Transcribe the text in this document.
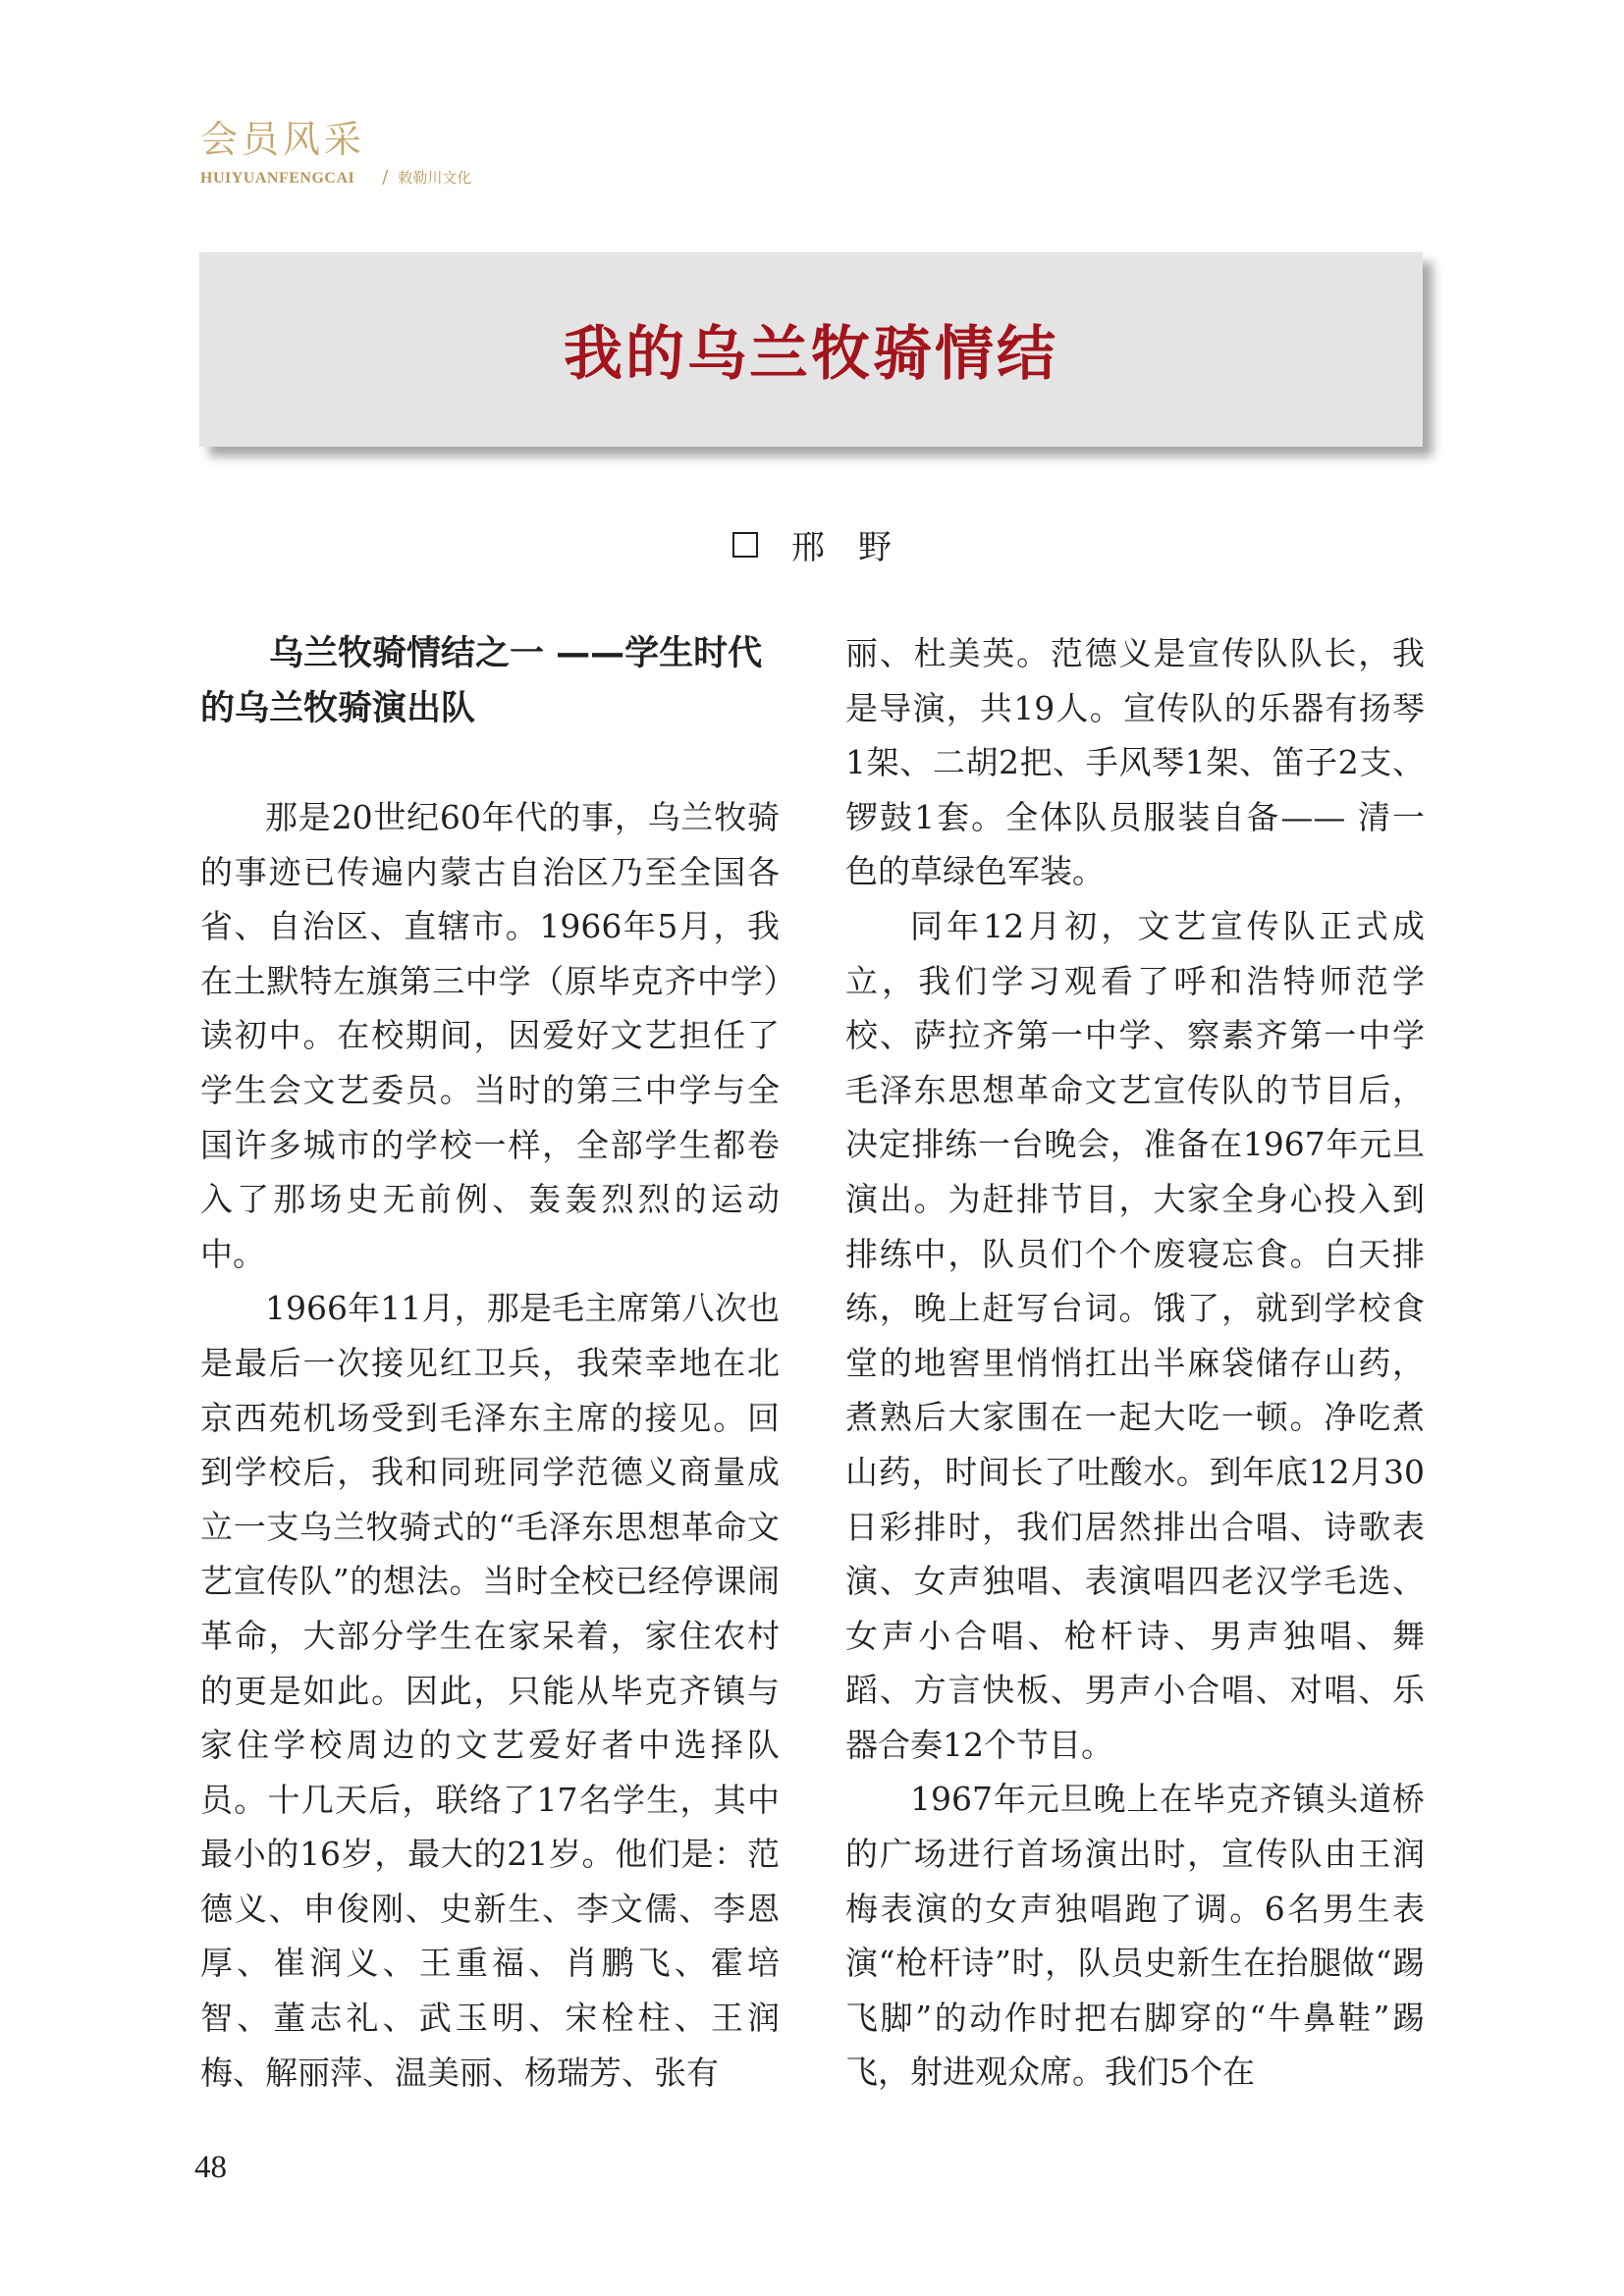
会员风采
HUIYUANFENGCAI / 敕勒川文化
我的乌兰牧骑情结
邢野
乌兰牧骑情结之一 ——学生时代的乌兰牧骑演出队

那是20世纪60年代的事，乌兰牧骑的事迹已传遍内蒙古自治区乃至全国各省、自治区、直辖市。1966年5月，我在土默特左旗第三中学（原毕克齐中学）读初中。在校期间，因爱好文艺担任了学生会文艺委员。当时的第三中学与全国许多城市的学校一样，全部学生都卷入了那场史无前例、轰轰烈烈的运动中。

1966年11月，那是毛主席第八次也是最后一次接见红卫兵，我荣幸地在北京西苑机场受到毛泽东主席的接见。回到学校后，我和同班同学范德义商量成立一支乌兰牧骑式的“毛泽东思想革命文艺宣传队”的想法。当时全校已经停课闹革命，大部分学生在家呆着，家住农村的更是如此。因此，只能从毕克齐镇与家住学校周边的文艺爱好者中选择队员。十几天后，联络了17名学生，其中最小的16岁，最大的21岁。他们是：范德义、申俊刚、史新生、李文儒、李恩厚、崔润义、王重福、肖鹏飞、霍培智、董志礼、武玉明、宋栓柱、王润梅、解丽萍、温美丽、杨瑞芳、张有

丽、杜美英。范德义是宣传队队长，我是导演，共19人。宣传队的乐器有扬琴1架、二胡2把、手风琴1架、笛子2支、锣鼓1套。全体队员服装自备—— 清一色的草绿色军装。

同年12月初，文艺宣传队正式成立，我们学习观看了呼和浩特师范学校、萨拉齐第一中学、察素齐第一中学毛泽东思想革命文艺宣传队的节目后，决定排练一台晚会，准备在1967年元旦演出。为赶排节目，大家全身心投入到排练中，队员们个个废寝忘食。白天排练，晚上赶写台词。饿了，就到学校食堂的地窖里悄悄扛出半麻袋储存山药，煮熟后大家围在一起大吃一顿。净吃煮山药，时间长了吐酸水。到年底12月30日彩排时，我们居然排出合唱、诗歌表演、女声独唱、表演唱四老汉学毛选、女声小合唱、枪杆诗、男声独唱、舞蹈、方言快板、男声小合唱、对唱、乐器合奏12个节目。

1967年元旦晚上在毕克齐镇头道桥的广场进行首场演出时，宣传队由王润梅表演的女声独唱跑了调。6名男生表演“枪杆诗”时，队员史新生在抬腿做“踢飞脚”的动作时把右脚穿的“牛鼻鞋”踢飞，射进观众席。我们5个在

48
